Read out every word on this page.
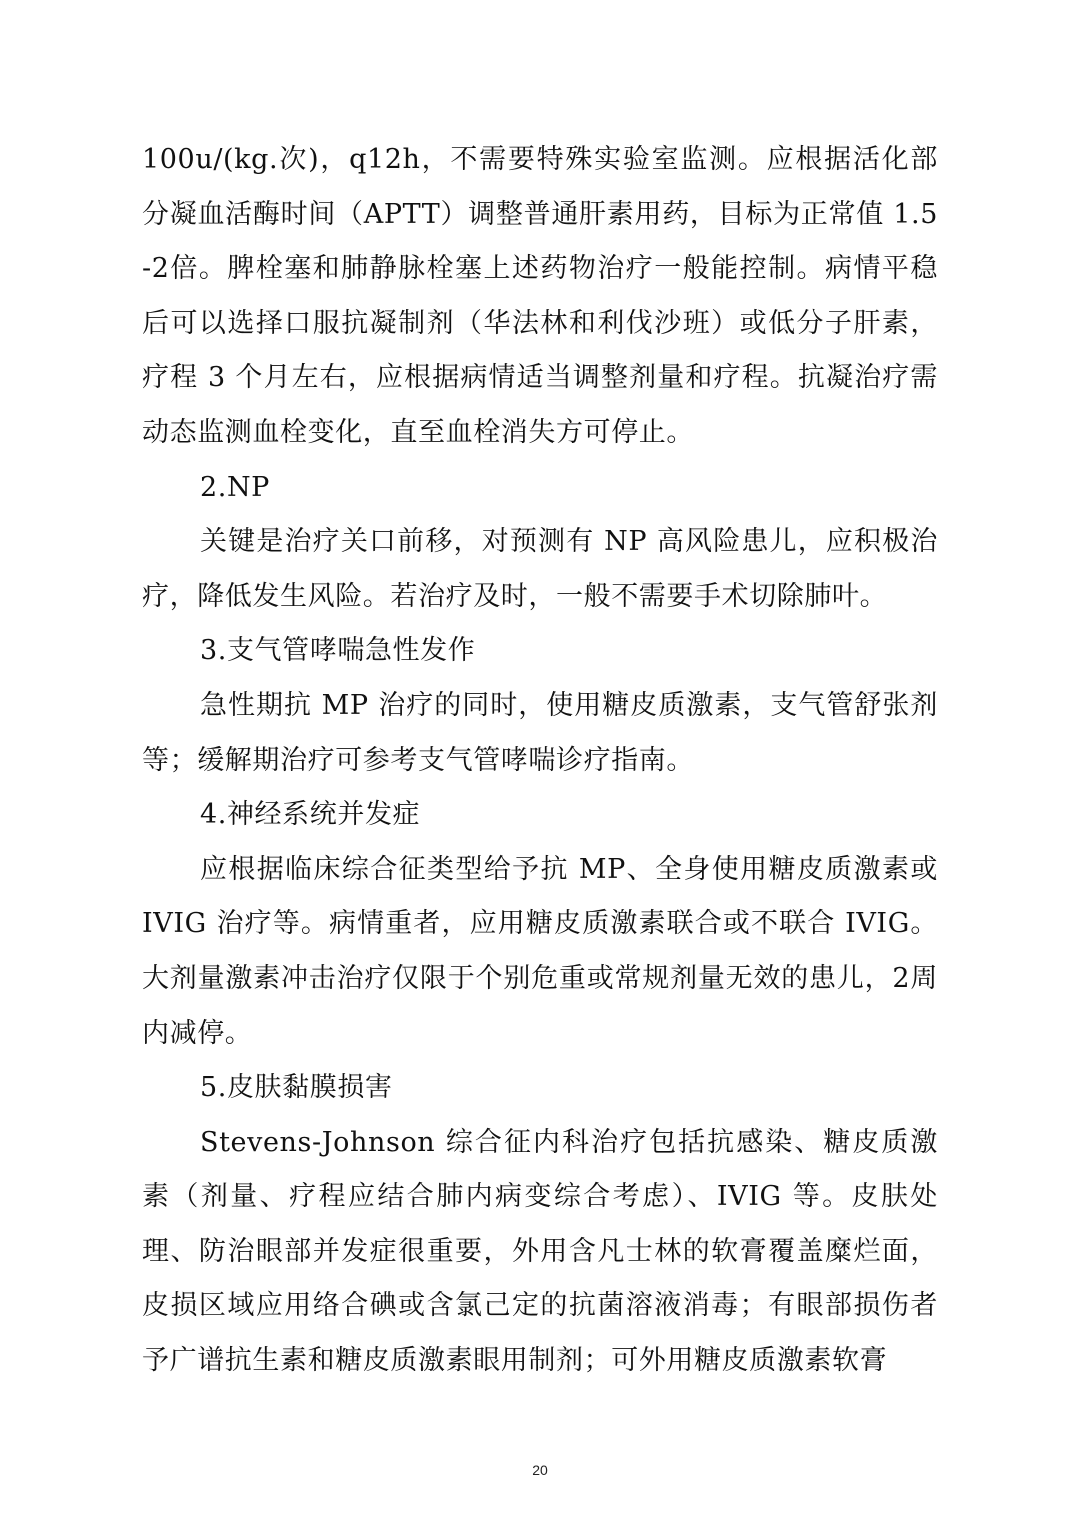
100u/(kg.次)，q12h，不需要特殊实验室监测。应根据活化部分凝血活酶时间（APTT）调整普通肝素用药，目标为正常值 1.5-2倍。脾栓塞和肺静脉栓塞上述药物治疗一般能控制。病情平稳后可以选择口服抗凝制剂（华法林和利伐沙班）或低分子肝素，疗程 3 个月左右，应根据病情适当调整剂量和疗程。抗凝治疗需动态监测血栓变化，直至血栓消失方可停止。

2.NP

关键是治疗关口前移，对预测有 NP 高风险患儿，应积极治疗，降低发生风险。若治疗及时，一般不需要手术切除肺叶。

3.支气管哮喘急性发作

急性期抗 MP 治疗的同时，使用糖皮质激素，支气管舒张剂等；缓解期治疗可参考支气管哮喘诊疗指南。

4.神经系统并发症

应根据临床综合征类型给予抗 MP、全身使用糖皮质激素或 IVIG 治疗等。病情重者，应用糖皮质激素联合或不联合 IVIG。大剂量激素冲击治疗仅限于个别危重或常规剂量无效的患儿，2周内减停。

5.皮肤黏膜损害

Stevens-Johnson 综合征内科治疗包括抗感染、糖皮质激素（剂量、疗程应结合肺内病变综合考虑）、IVIG 等。皮肤处理、防治眼部并发症很重要，外用含凡士林的软膏覆盖糜烂面，皮损区域应用络合碘或含氯己定的抗菌溶液消毒；有眼部损伤者予广谱抗生素和糖皮质激素眼用制剂；可外用糖皮质激素软膏

20
